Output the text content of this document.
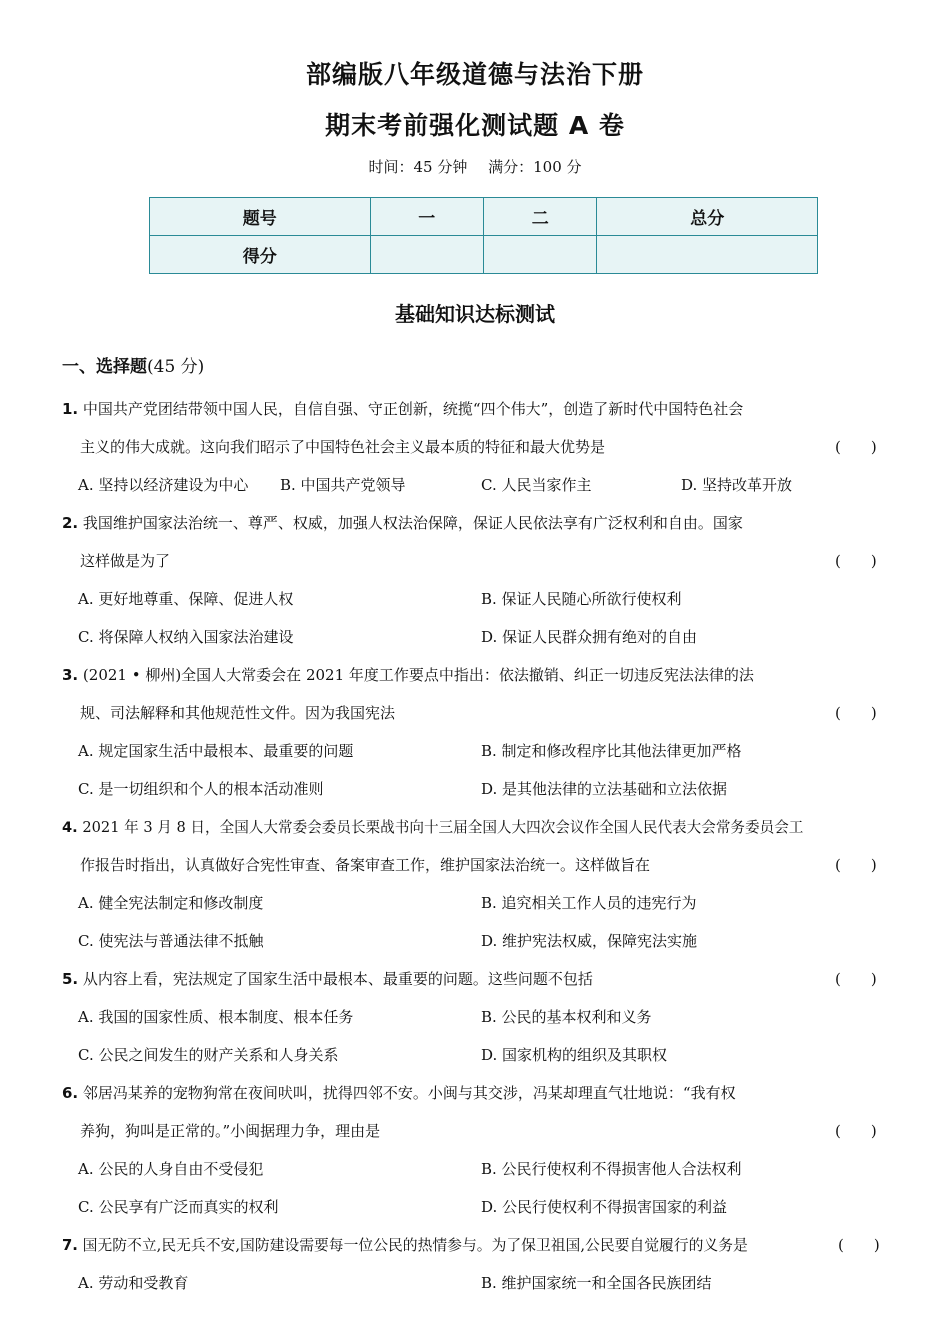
部编版八年级道德与法治下册
期末考前强化测试题 A 卷
时间：45 分钟 满分：100 分
题号	一	二	总分
得分			
基础知识达标测试
一、选择题(45 分)
1. 中国共产党团结带领中国人民，自信自强、守正创新，统揽“四个伟大”，创造了新时代中国特色社会
主义的伟大成就。这向我们昭示了中国特色社会主义最本质的特征和最大优势是	(　　)
A. 坚持以经济建设为中心 B. 中国共产党领导	C. 人民当家作主	D. 坚持改革开放
2. 我国维护国家法治统一、尊严、权威，加强人权法治保障，保证人民依法享有广泛权利和自由。国家
这样做是为了	(　　)
A. 更好地尊重、保障、促进人权	B. 保证人民随心所欲行使权利
C. 将保障人权纳入国家法治建设	D. 保证人民群众拥有绝对的自由
3. (2021 • 柳州)全国人大常委会在 2021 年度工作要点中指出：依法撤销、纠正一切违反宪法法律的法
规、司法解释和其他规范性文件。因为我国宪法	(　　)
A. 规定国家生活中最根本、最重要的问题	B. 制定和修改程序比其他法律更加严格
C. 是一切组织和个人的根本活动准则	D. 是其他法律的立法基础和立法依据
4. 2021 年 3 月 8 日，全国人大常委会委员长栗战书向十三届全国人大四次会议作全国人民代表大会常务委员会工
作报告时指出，认真做好合宪性审查、备案审查工作，维护国家法治统一。这样做旨在	(　　)
A. 健全宪法制定和修改制度	B. 追究相关工作人员的违宪行为
C. 使宪法与普通法律不抵触	D. 维护宪法权威，保障宪法实施
5. 从内容上看，宪法规定了国家生活中最根本、最重要的问题。这些问题不包括	(　　)
A. 我国的国家性质、根本制度、根本任务	B. 公民的基本权利和义务
C. 公民之间发生的财产关系和人身关系	D. 国家机构的组织及其职权
6. 邻居冯某养的宠物狗常在夜间吠叫，扰得四邻不安。小闽与其交涉，冯某却理直气壮地说：“我有权
养狗，狗叫是正常的。”小闽据理力争，理由是	(　　)
A. 公民的人身自由不受侵犯	B. 公民行使权利不得损害他人合法权利
C. 公民享有广泛而真实的权利	D. 公民行使权利不得损害国家的利益
7. 国无防不立,民无兵不安,国防建设需要每一位公民的热情参与。为了保卫祖国,公民要自觉履行的义务是	(　　)
A. 劳动和受教育	B. 维护国家统一和全国各民族团结
